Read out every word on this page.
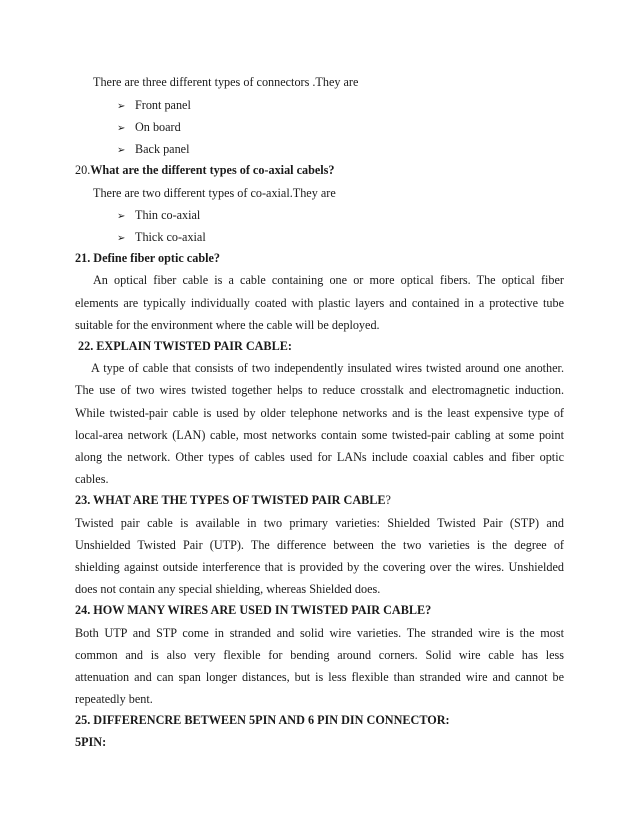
There are three different types of connectors .They are
➢ Front panel
➢ On board
➢ Back panel
20.What are the different types of co-axial cabels?
There are two different types of co-axial.They are
➢ Thin co-axial
➢ Thick co-axial
21. Define fiber optic cable?
An optical fiber cable is a cable containing one or more optical fibers. The optical fiber
elements are typically individually coated with plastic layers and contained in a protective tube
suitable for the environment where the cable will be deployed.
22. EXPLAIN TWISTED PAIR CABLE:
A type of cable that consists of two independently insulated wires twisted around one another.
The use of two wires twisted together helps to reduce crosstalk and electromagnetic induction.
While twisted-pair cable is used by older telephone networks and is the least expensive type of
local-area network (LAN) cable, most networks contain some twisted-pair cabling at some point
along the network. Other types of cables used for LANs include coaxial cables and fiber optic
cables.
23. WHAT ARE THE TYPES OF TWISTED PAIR CABLE?
Twisted pair cable is available in two primary varieties: Shielded Twisted Pair (STP) and
Unshielded Twisted Pair (UTP). The difference between the two varieties is the degree of
shielding against outside interference that is provided by the covering over the wires. Unshielded
does not contain any special shielding, whereas Shielded does.
24. HOW MANY WIRES ARE USED IN TWISTED PAIR CABLE?
Both UTP and STP come in stranded and solid wire varieties. The stranded wire is the most
common and is also very flexible for bending around corners. Solid wire cable has less
attenuation and can span longer distances, but is less flexible than stranded wire and cannot be
repeatedly bent.
25. DIFFERENCRE BETWEEN 5PIN AND 6 PIN DIN CONNECTOR:
5PIN:
